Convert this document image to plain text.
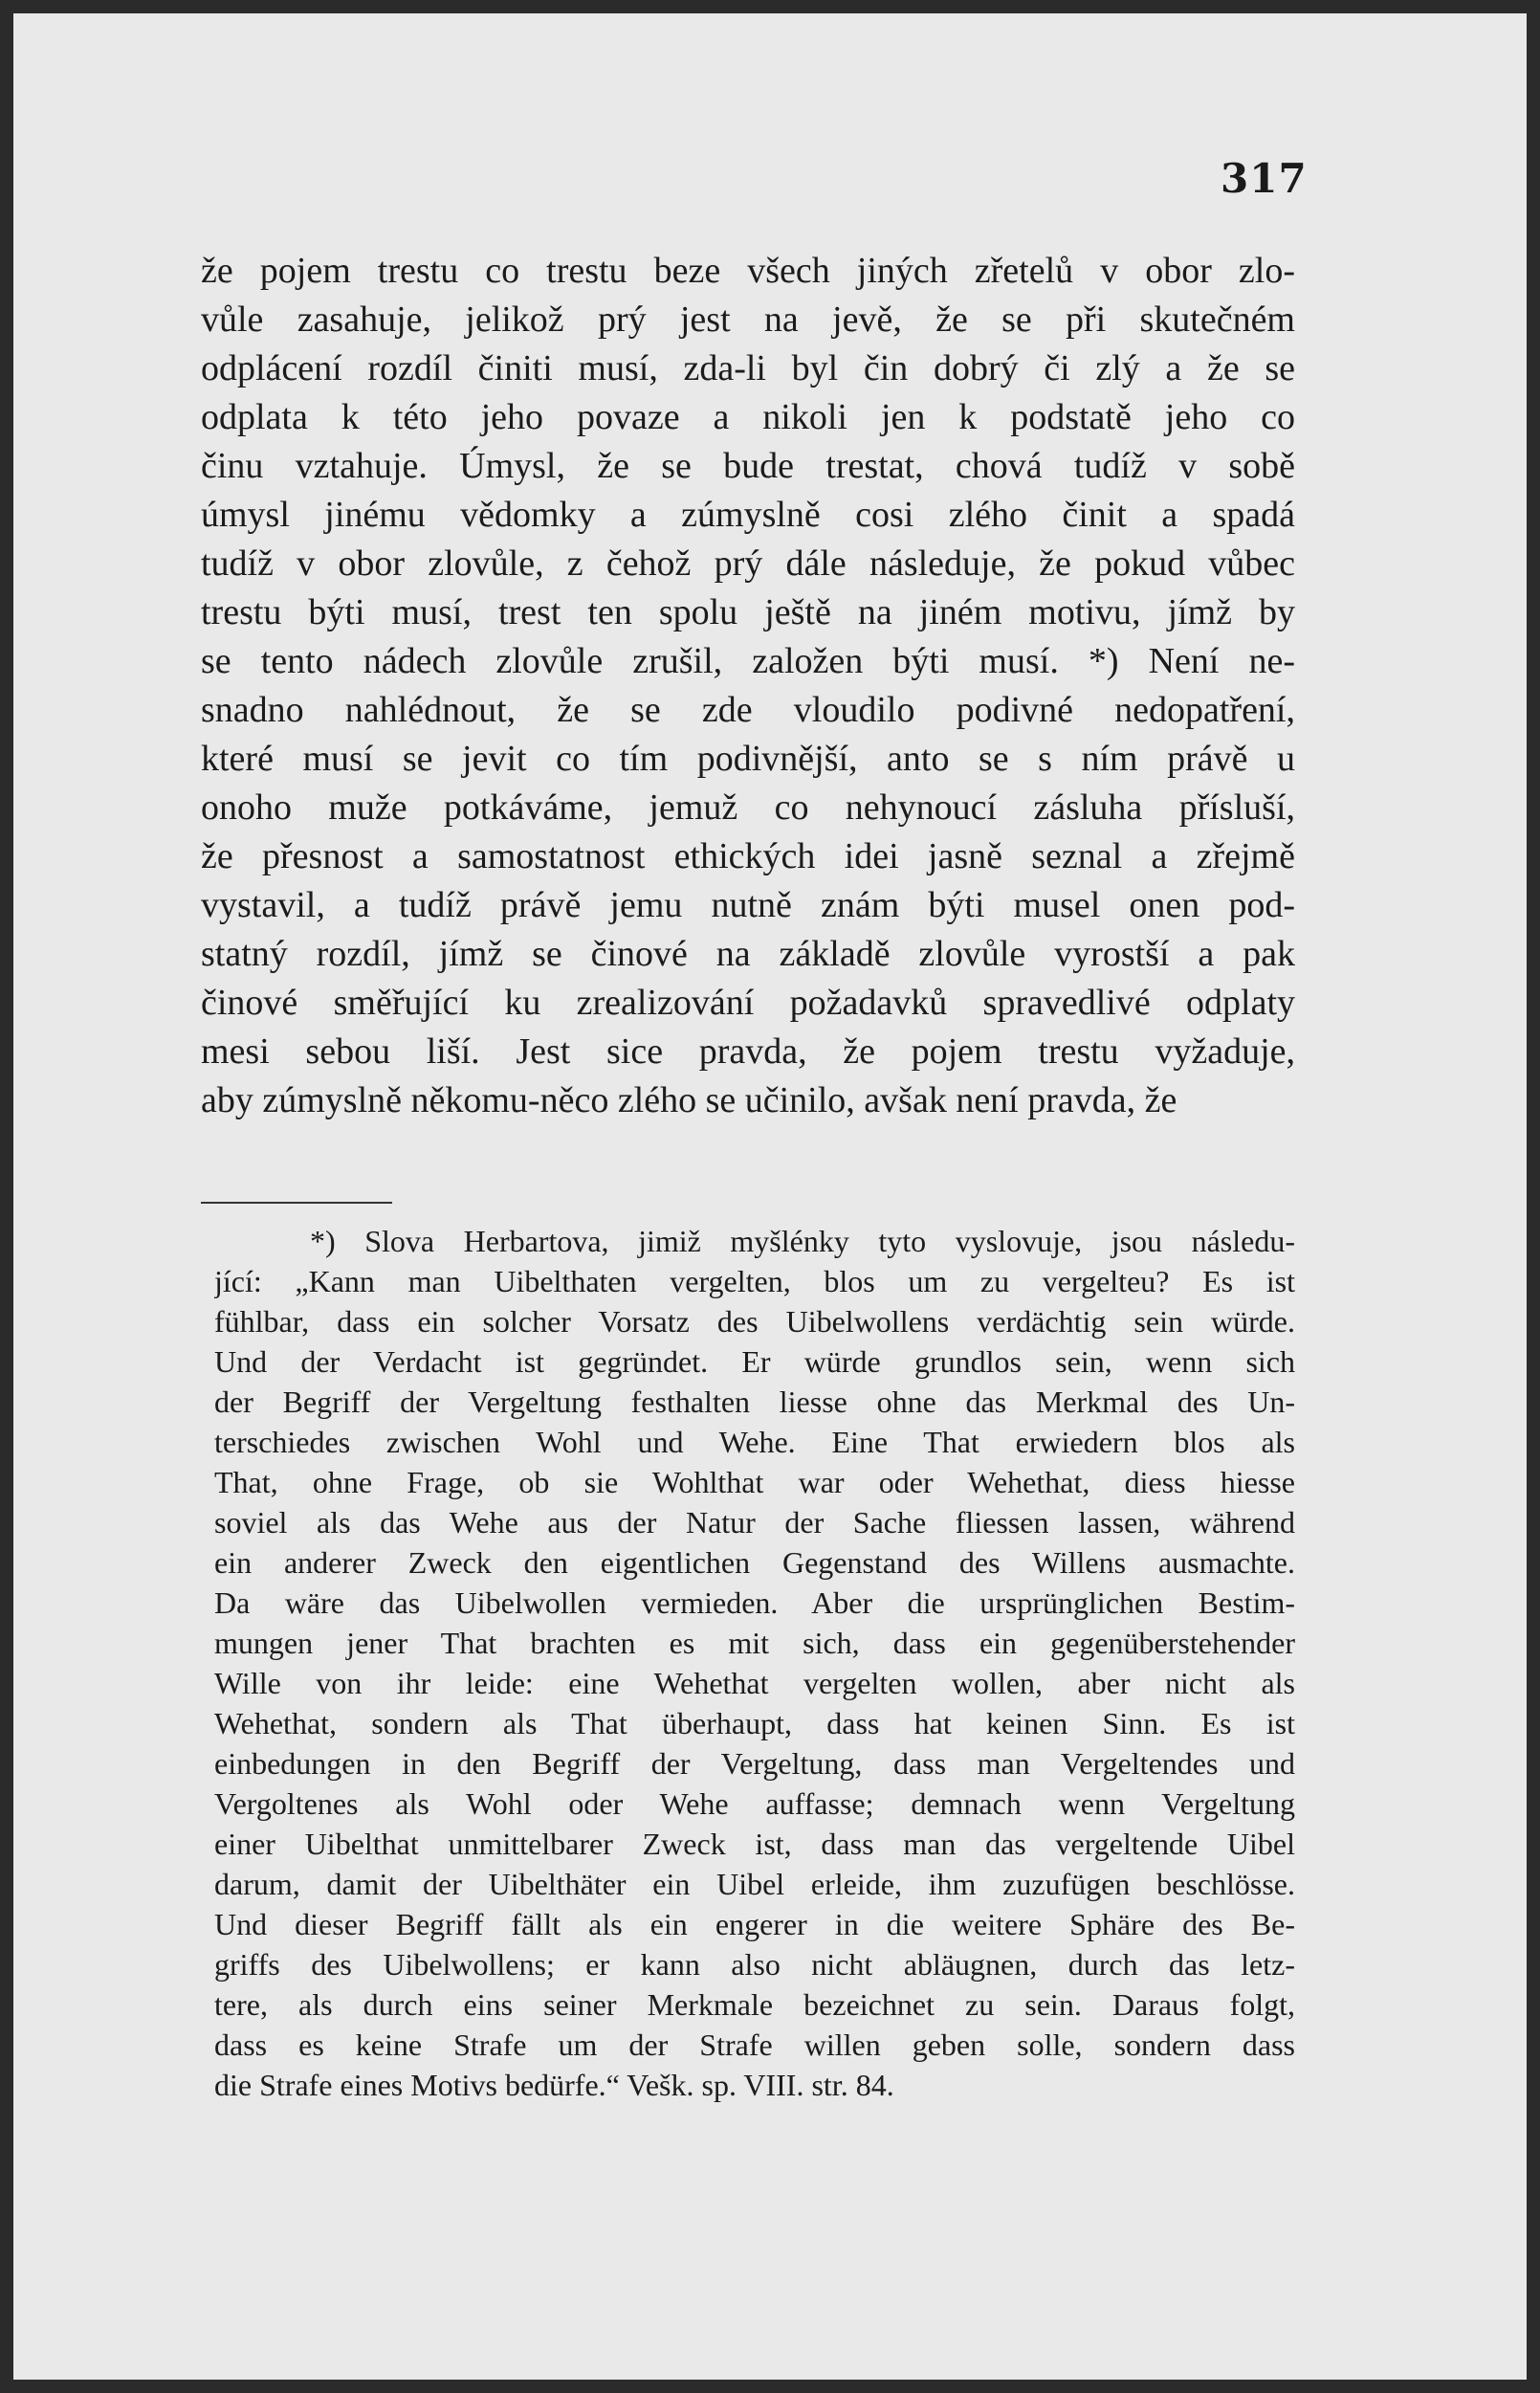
317
že pojem trestu co trestu beze všech jiných zřetelů v obor zlo-
vůle zasahuje, jelikož prý jest na jevě, že se při skutečném
odplácení rozdíl činiti musí, zda-li byl čin dobrý či zlý a že se
odplata k této jeho povaze a nikoli jen k podstatě jeho co
činu vztahuje. Úmysl, že se bude trestat, chová tudíž v sobě
úmysl jinému vědomky a zúmyslně cosi zlého činit a spadá
tudíž v obor zlovůle, z čehož prý dále následuje, že pokud vůbec
trestu býti musí, trest ten spolu ještě na jiném motivu, jímž by
se tento nádech zlovůle zrušil, založen býti musí. *) Není ne-
snadno nahlédnout, že se zde vloudilo podivné nedopatření,
které musí se jevit co tím podivnější, anto se s ním právě u
onoho muže potkáváme, jemuž co nehynoucí zásluha přísluší,
že přesnost a samostatnost ethických idei jasně seznal a zřejmě
vystavil, a tudíž právě jemu nutně znám býti musel onen pod-
statný rozdíl, jímž se činové na základě zlovůle vyrostší a pak
činové směřující ku zrealizování požadavků spravedlivé odplaty
mesi sebou liší. Jest sice pravda, že pojem trestu vyžaduje,
aby zúmyslně někomu-něco zlého se učinilo, avšak není pravda, že
*) Slova Herbartova, jimiž myšlénky tyto vyslovuje, jsou následu-
jící: „Kann man Uibelthaten vergelten, blos um zu vergelteu? Es ist
fühlbar, dass ein solcher Vorsatz des Uibelwollens verdächtig sein würde.
Und der Verdacht ist gegründet. Er würde grundlos sein, wenn sich
der Begriff der Vergeltung festhalten liesse ohne das Merkmal des Un-
terschiedes zwischen Wohl und Wehe. Eine That erwiedern blos als
That, ohne Frage, ob sie Wohlthat war oder Wehethat, diess hiesse
soviel als das Wehe aus der Natur der Sache fliessen lassen, während
ein anderer Zweck den eigentlichen Gegenstand des Willens ausmachte.
Da wäre das Uibelwollen vermieden. Aber die ursprünglichen Bestim-
mungen jener That brachten es mit sich, dass ein gegenüberstehender
Wille von ihr leide: eine Wehethat vergelten wollen, aber nicht als
Wehethat, sondern als That überhaupt, dass hat keinen Sinn. Es ist
einbedungen in den Begriff der Vergeltung, dass man Vergeltendes und
Vergoltenes als Wohl oder Wehe auffasse; demnach wenn Vergeltung
einer Uibelthat unmittelbarer Zweck ist, dass man das vergeltende Uibel
darum, damit der Uibelthäter ein Uibel erleide, ihm zuzufügen beschlösse.
Und dieser Begriff fällt als ein engerer in die weitere Sphäre des Be-
griffs des Uibelwollens; er kann also nicht abläugnen, durch das letz-
tere, als durch eins seiner Merkmale bezeichnet zu sein. Daraus folgt,
dass es keine Strafe um der Strafe willen geben solle, sondern dass
die Strafe eines Motivs bedürfe.“ Vešk. sp. VIII. str. 84.
